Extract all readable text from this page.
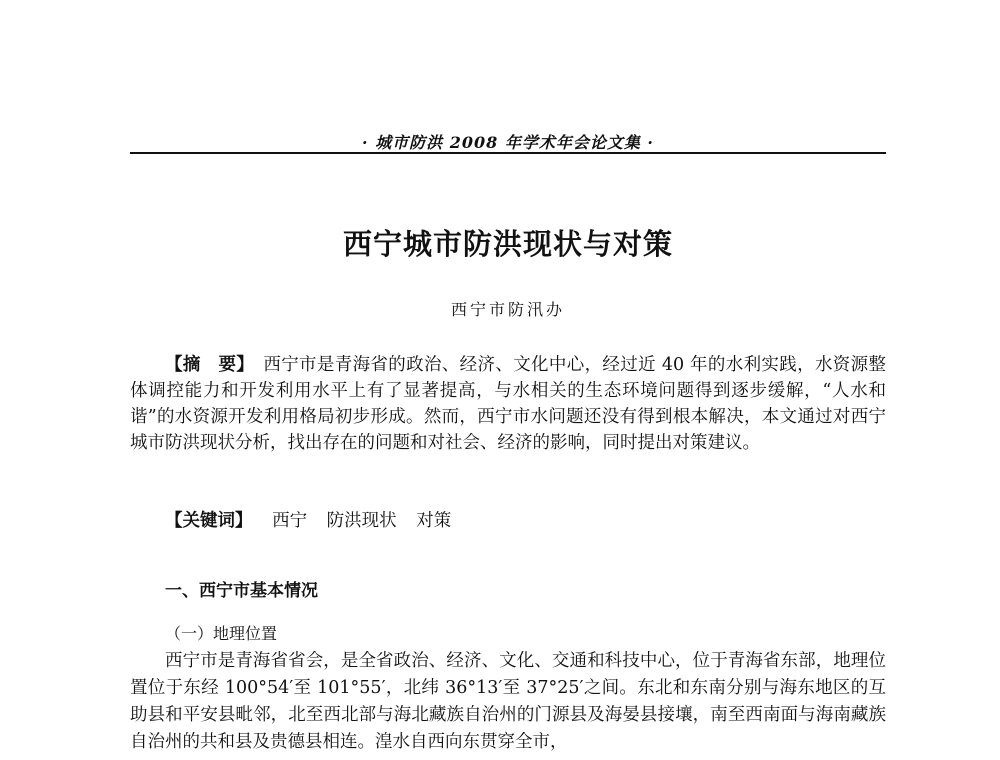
· 城市防洪 2008 年学术年会论文集 ·
西宁城市防洪现状与对策
西宁市防汛办

【摘　要】　 西宁市是青海省的政治、经济、文化中心，经过近 40 年的水利实践，水资源整体调控能力和开发利用水平上有了显著提高，与水相关的生态环境问题得到逐步缓解，“人水和谐”的水资源开发利用格局初步形成。然而，西宁市水问题还没有得到根本解决，本文通过对西宁城市防洪现状分析，找出存在的问题和对社会、经济的影响，同时提出对策建议。

【关键词】 西宁 防洪现状 对策
一、西宁市基本情况
（一）地理位置

西宁市是青海省省会，是全省政治、经济、文化、交通和科技中心，位于青海省东部，地理位置位于东经 100°54′至 101°55′，北纬 36°13′至 37°25′之间。东北和东南分别与海东地区的互助县和平安县毗邻，北至西北部与海北藏族自治州的门源县及海晏县接壤，南至西南面与海南藏族自治州的共和县及贵德县相连。湟水自西向东贯穿全市，
